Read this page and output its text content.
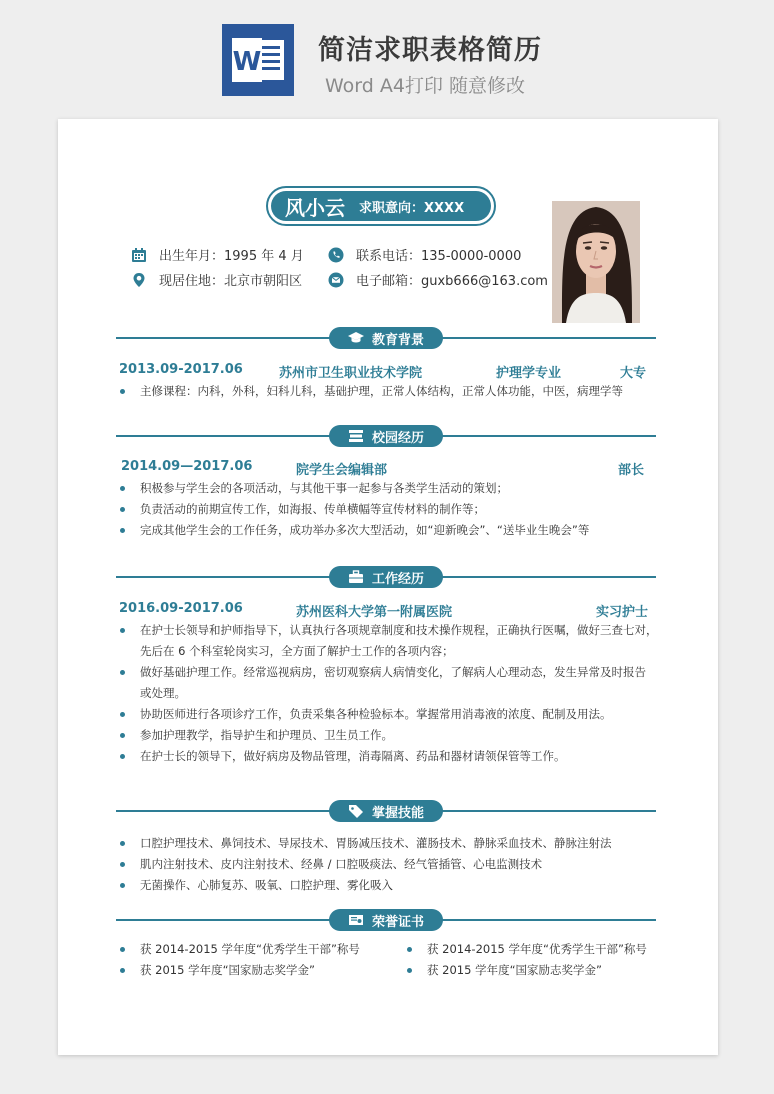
W 简洁求职表格简历
Word A4打印 随意修改
风小云 求职意向：XXXX
出生年月：1995 年 4 月	联系电话：135-0000-0000
现居住地：北京市朝阳区	电子邮箱：guxb666@163.com
教育背景
2013.09-2017.06	苏州市卫生职业技术学院	护理学专业	大专
主修课程：内科，外科，妇科儿科，基础护理，正常人体结构，正常人体功能，中医，病理学等
校园经历
2014.09—2017.06	院学生会编辑部	部长
积极参与学生会的各项活动，与其他干事一起参与各类学生活动的策划；
负责活动的前期宣传工作，如海报、传单横幅等宣传材料的制作等；
完成其他学生会的工作任务，成功举办多次大型活动，如“迎新晚会”、“送毕业生晚会”等
工作经历
2016.09-2017.06	苏州医科大学第一附属医院	实习护士
在护士长领导和护师指导下，认真执行各项规章制度和技术操作规程，正确执行医嘱，做好三查七对，
先后在 6 个科室轮岗实习，全方面了解护士工作的各项内容；
做好基础护理工作。经常巡视病房，密切观察病人病情变化，了解病人心理动态，发生异常及时报告
或处理。
协助医师进行各项诊疗工作，负责采集各种检验标本。掌握常用消毒液的浓度、配制及用法。
参加护理教学，指导护生和护理员、卫生员工作。
在护士长的领导下，做好病房及物品管理，消毒隔离、药品和器材请领保管等工作。
掌握技能
口腔护理技术、鼻饲技术、导尿技术、胃肠减压技术、灌肠技术、静脉采血技术、静脉注射法
肌内注射技术、皮内注射技术、经鼻 / 口腔吸痰法、经气管插管、心电监测技术
无菌操作、心肺复苏、吸氧、口腔护理、雾化吸入
荣誉证书
获 2014-2015 学年度“优秀学生干部”称号	获 2014-2015 学年度“优秀学生干部”称号
获 2015 学年度“国家励志奖学金”	获 2015 学年度“国家励志奖学金”
